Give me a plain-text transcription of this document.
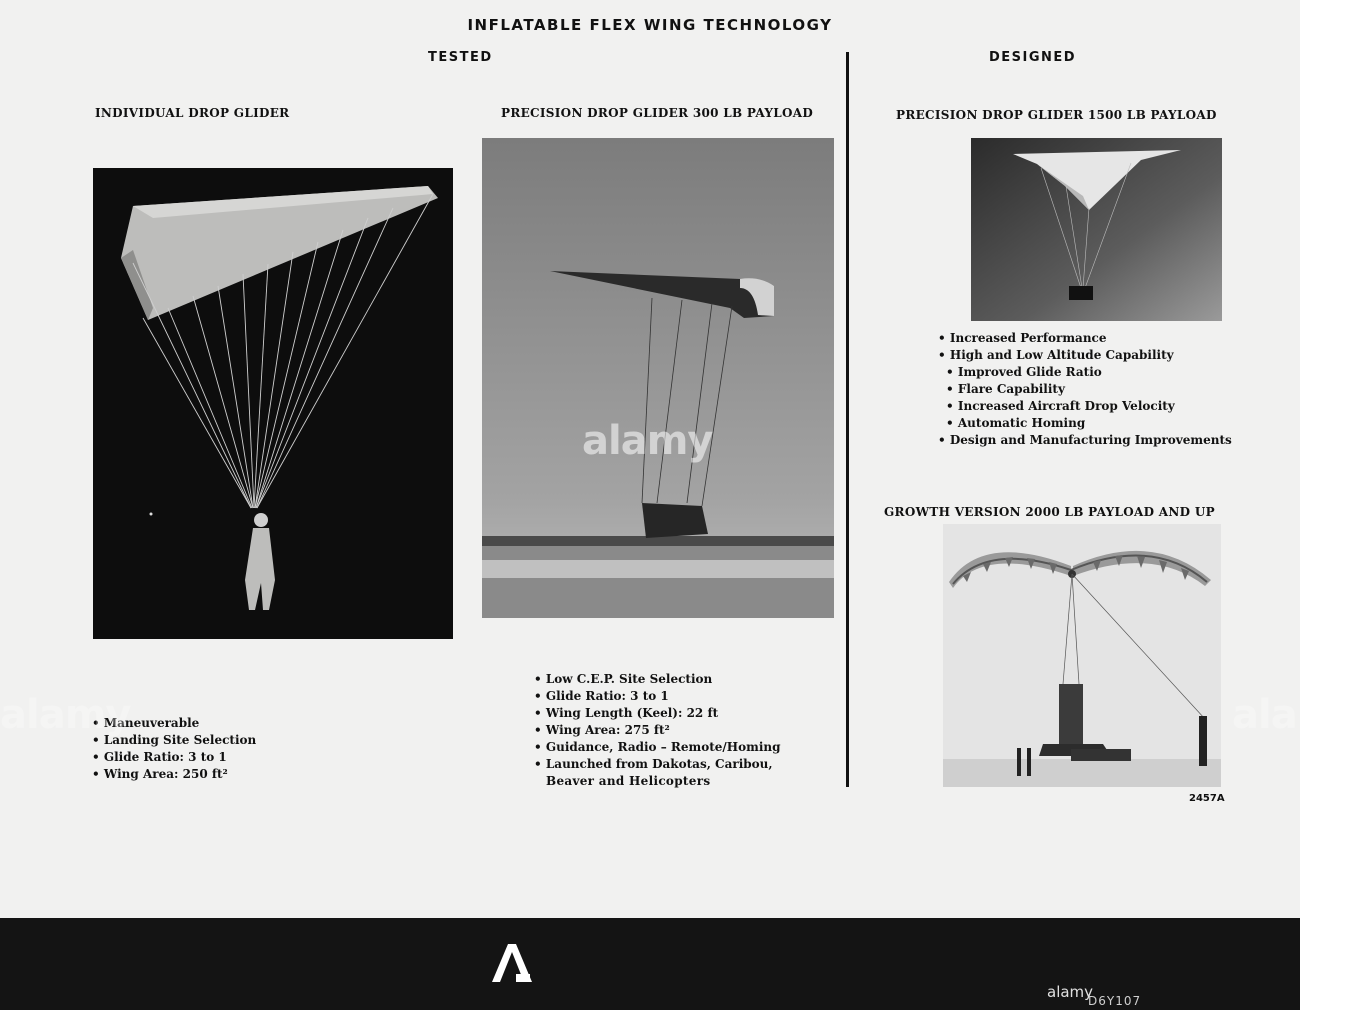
INFLATABLE FLEX WING TECHNOLOGY
TESTED	DESIGNED
INDIVIDUAL DROP GLIDER
• Maneuverable
• Landing Site Selection
• Glide Ratio: 3 to 1
• Wing Area: 250 ft²
PRECISION DROP GLIDER 300 LB PAYLOAD
alamy
• Low C.E.P. Site Selection
• Glide Ratio: 3 to 1
• Wing Length (Keel): 22 ft
• Wing Area: 275 ft²
• Guidance, Radio – Remote/Homing
• Launched from Dakotas, Caribou,
Beaver and Helicopters
PRECISION DROP GLIDER 1500 LB PAYLOAD
• Increased Performance
• High and Low Altitude Capability
• Improved Glide Ratio
• Flare Capability
• Increased Aircraft Drop Velocity
• Automatic Homing
• Design and Manufacturing Improvements
GROWTH VERSION 2000 LB PAYLOAD AND UP
2457A
alamy	alamy
alamy
D6Y107
